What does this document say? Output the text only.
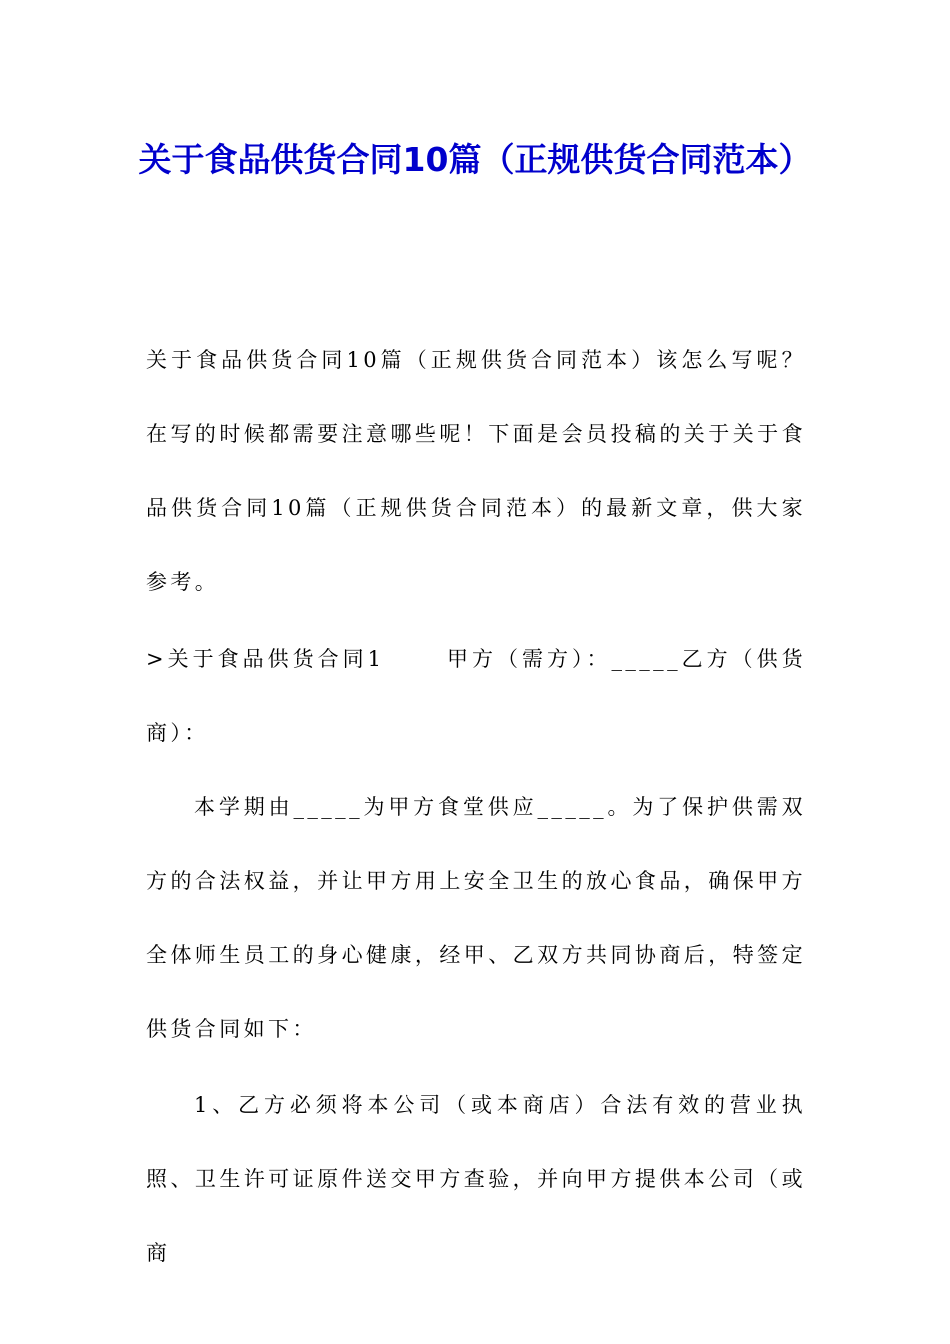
关于食品供货合同10篇（正规供货合同范本）

关于食品供货合同10篇（正规供货合同范本）该怎么写呢？在写的时候都需要注意哪些呢！下面是会员投稿的关于关于食品供货合同10篇（正规供货合同范本）的最新文章，供大家参考。

>关于食品供货合同1	甲方（需方）：_____乙方（供货商）：

本学期由_____为甲方食堂供应_____。为了保护供需双方的合法权益，并让甲方用上安全卫生的放心食品，确保甲方全体师生员工的身心健康，经甲、乙双方共同协商后，特签定供货合同如下：

1、乙方必须将本公司（或本商店）合法有效的营业执照、卫生许可证原件送交甲方查验，并向甲方提供本公司（或商
